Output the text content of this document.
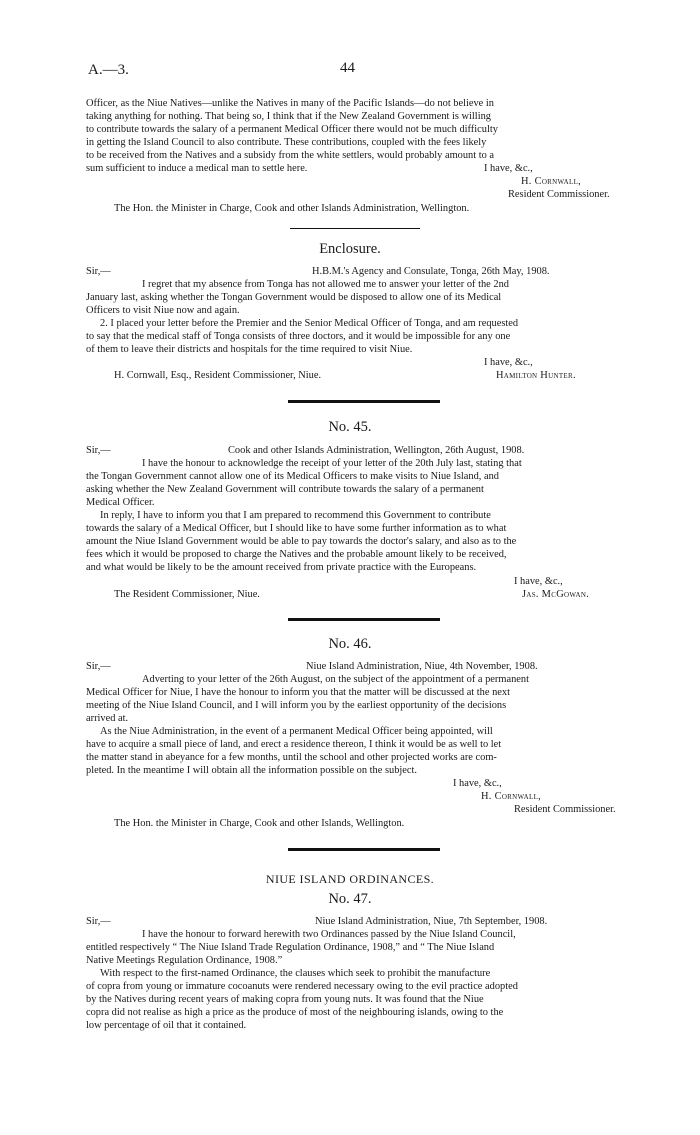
A.—3.	44
Officer, as the Niue Natives—unlike the Natives in many of the Pacific Islands—do not believe in
taking anything for nothing. That being so, I think that if the New Zealand Government is willing
to contribute towards the salary of a permanent Medical Officer there would not be much difficulty
in getting the Island Council to also contribute. These contributions, coupled with the fees likely
to be received from the Natives and a subsidy from the white settlers, would probably amount to a
sum sufficient to induce a medical man to settle here.	I have, &c.,
H. Cornwall,
Resident Commissioner.
The Hon. the Minister in Charge, Cook and other Islands Administration, Wellington.
Enclosure.
Sir,—	H.B.M.'s Agency and Consulate, Tonga, 26th May, 1908.
I regret that my absence from Tonga has not allowed me to answer your letter of the 2nd
January last, asking whether the Tongan Government would be disposed to allow one of its Medical
Officers to visit Niue now and again.
2. I placed your letter before the Premier and the Senior Medical Officer of Tonga, and am requested
to say that the medical staff of Tonga consists of three doctors, and it would be impossible for any one
of them to leave their districts and hospitals for the time required to visit Niue.
I have, &c.,
H. Cornwall, Esq., Resident Commissioner, Niue.	Hamilton Hunter.
No. 45.
Sir,—	Cook and other Islands Administration, Wellington, 26th August, 1908.
I have the honour to acknowledge the receipt of your letter of the 20th July last, stating that
the Tongan Government cannot allow one of its Medical Officers to make visits to Niue Island, and
asking whether the New Zealand Government will contribute towards the salary of a permanent
Medical Officer.
In reply, I have to inform you that I am prepared to recommend this Government to contribute
towards the salary of a Medical Officer, but I should like to have some further information as to what
amount the Niue Island Government would be able to pay towards the doctor's salary, and also as to the
fees which it would be proposed to charge the Natives and the probable amount likely to be received,
and what would be likely to be the amount received from private practice with the Europeans.
I have, &c.,
The Resident Commissioner, Niue.	Jas. McGowan.
No. 46.
Sir,—	Niue Island Administration, Niue, 4th November, 1908.
Adverting to your letter of the 26th August, on the subject of the appointment of a permanent
Medical Officer for Niue, I have the honour to inform you that the matter will be discussed at the next
meeting of the Niue Island Council, and I will inform you by the earliest opportunity of the decisions
arrived at.
As the Niue Administration, in the event of a permanent Medical Officer being appointed, will
have to acquire a small piece of land, and erect a residence thereon, I think it would be as well to let
the matter stand in abeyance for a few months, until the school and other projected works are com-
pleted. In the meantime I will obtain all the information possible on the subject.
I have, &c.,
H. Cornwall,
Resident Commissioner.
The Hon. the Minister in Charge, Cook and other Islands, Wellington.
NIUE ISLAND ORDINANCES.
No. 47.
Sir,—	Niue Island Administration, Niue, 7th September, 1908.
I have the honour to forward herewith two Ordinances passed by the Niue Island Council,
entitled respectively “ The Niue Island Trade Regulation Ordinance, 1908,” and “ The Niue Island
Native Meetings Regulation Ordinance, 1908.”
With respect to the first-named Ordinance, the clauses which seek to prohibit the manufacture
of copra from young or immature cocoanuts were rendered necessary owing to the evil practice adopted
by the Natives during recent years of making copra from young nuts. It was found that the Niue
copra did not realise as high a price as the produce of most of the neighbouring islands, owing to the
low percentage of oil that it contained.
